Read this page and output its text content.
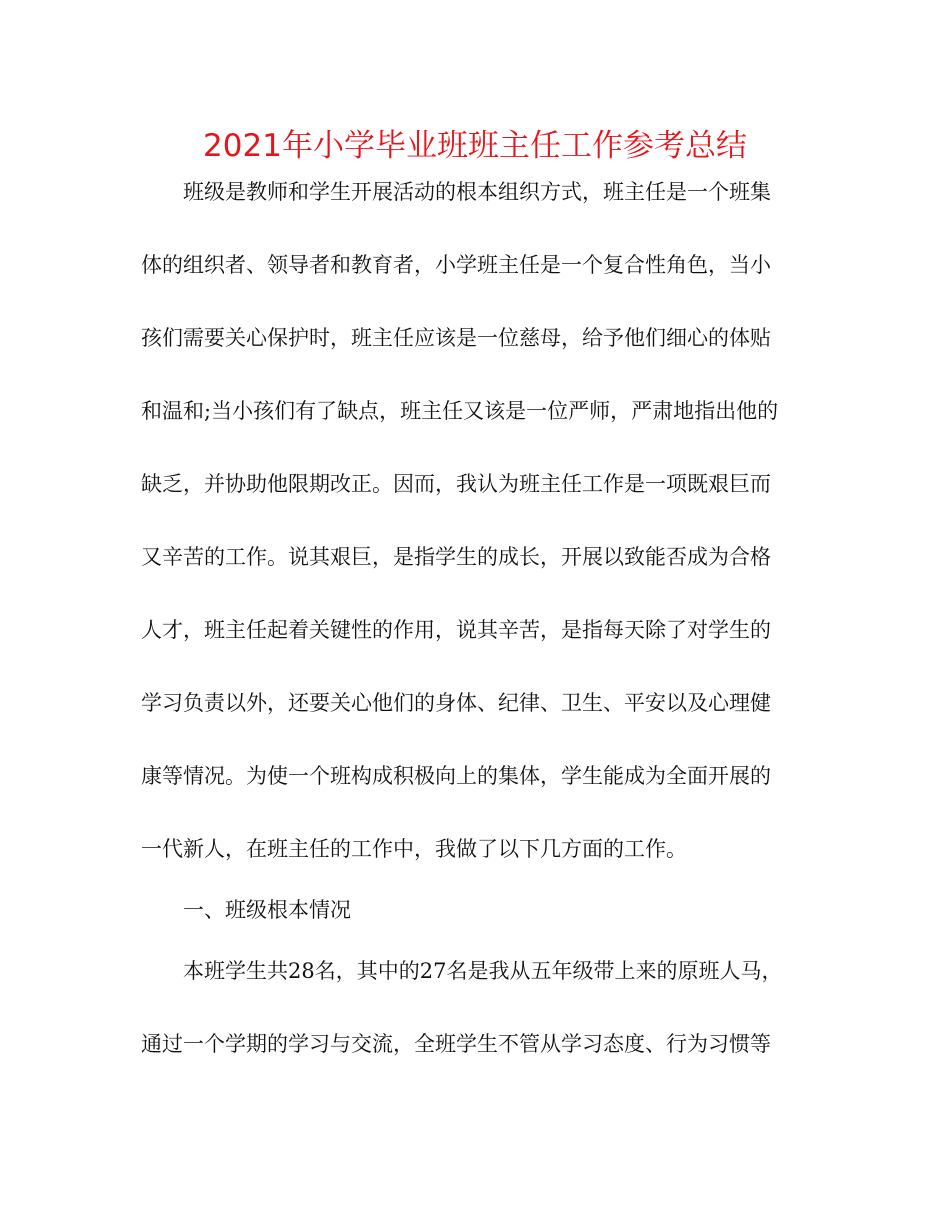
2021年小学毕业班班主任工作参考总结

班级是教师和学生开展活动的根本组织方式，班主任是一个班集

体的组织者、领导者和教育者，小学班主任是一个复合性角色，当小

孩们需要关心保护时，班主任应该是一位慈母，给予他们细心的体贴

和温和;当小孩们有了缺点，班主任又该是一位严师，严肃地指出他的

缺乏，并协助他限期改正。因而，我认为班主任工作是一项既艰巨而

又辛苦的工作。说其艰巨，是指学生的成长，开展以致能否成为合格

人才，班主任起着关键性的作用，说其辛苦，是指每天除了对学生的

学习负责以外，还要关心他们的身体、纪律、卫生、平安以及心理健

康等情况。为使一个班构成积极向上的集体，学生能成为全面开展的

一代新人，在班主任的工作中，我做了以下几方面的工作。

一、班级根本情况

本班学生共28名，其中的27名是我从五年级带上来的原班人马，

通过一个学期的学习与交流，全班学生不管从学习态度、行为习惯等
